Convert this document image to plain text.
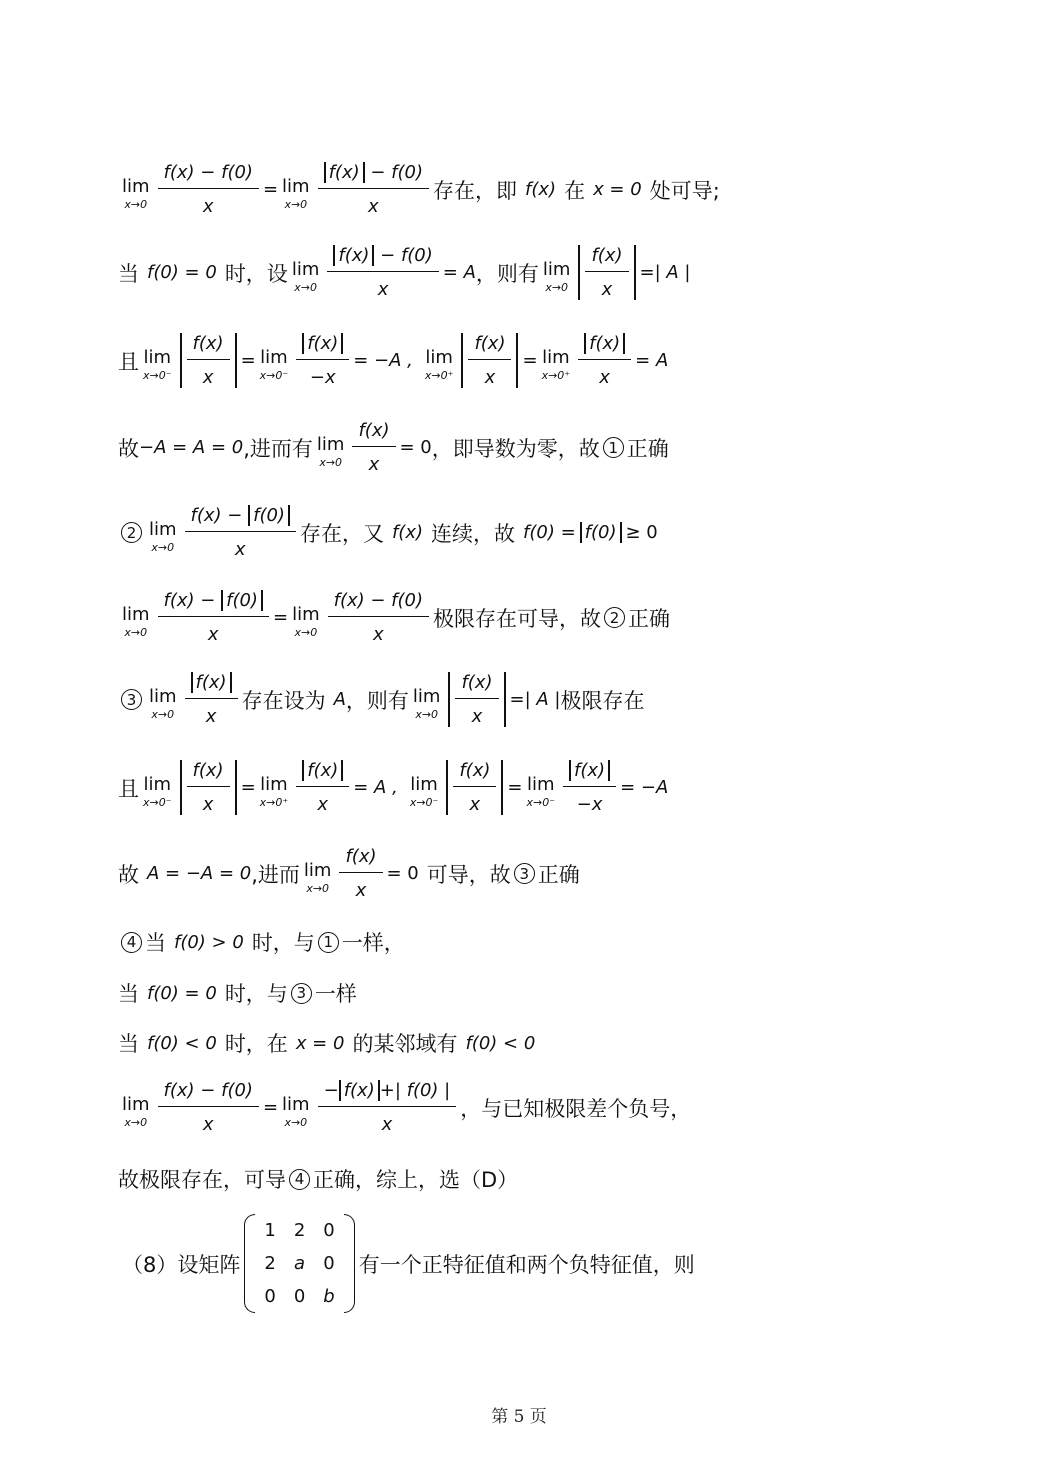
lim
$x\to 0 \frac{f(x) - f(0)}{x} = \lim$
$x\to 0 \frac{f(x) - f(0)}{x}$ 存在，即 f(x) 在 x = 0 处可导;
当 f(0) = 0 时，设 lim
$x\to 0 \frac{f(x) - f(0)}{x} = A$ ，则有 lim
$x\to 0 \frac{f(x)}{x}$ =| A |
且 lim
$x\to 0^- \frac{f(x)}{x} = \lim$
$x\to 0^- \frac{f(x)}{-x} = -A$ , lim
$x\to 0^+ \frac{f(x)}{x} = \lim$
$x\to 0^+ \frac{f(x)}{x} = A$
故 −A = A = 0 ,进而有 lim
$x\to 0 \frac{f(x)}{x} = 0$ ，即导数为零，故 1 正确
2 lim
$x\to 0 \frac{f(x) - f(0)}{x}$ 存在，又 f(x) 连续，故 f(0) = f(0) ≥ 0
lim
$x\to 0 \frac{f(x) - f(0)}{x} = \lim$
$x\to 0 \frac{f(x) - f(0)}{x}$ 极限存在可导，故 2 正确
3 lim
$x\to 0 \frac{f(x)}{x}$ 存在设为 A ，则有 lim
$x\to 0 \frac{f(x)}{x}$ =| A | 极限存在
且 lim
$x\to 0^- \frac{f(x)}{x} = \lim$
$x\to 0^+ \frac{f(x)}{x} = A$ , lim
$x\to 0^- \frac{f(x)}{x} = \lim$
$x\to 0^- \frac{f(x)}{-x} = -A$
故 A = −A = 0 ,进而 lim
$x\to 0 \frac{f(x)}{x} = 0$ 可导，故 3 正确
4 当 f(0) > 0 时，与 1 一样，
当 f(0) = 0 时，与 3 一样
当 f(0) < 0 时，在 x = 0 的某邻域有 f(0) < 0
lim
$x\to 0 \frac{f(x) - f(0)}{x} = \lim$
$x\to 0 \frac{- f(x) +| f(0) |}{x}$ ，与已知极限差个负号，
故极限存在，可导 4 正确，综上，选（D）
（8）设矩阵
1	2	0
2	a	0
0	0	b
有一个正特征值和两个负特征值，则
第 5 页
